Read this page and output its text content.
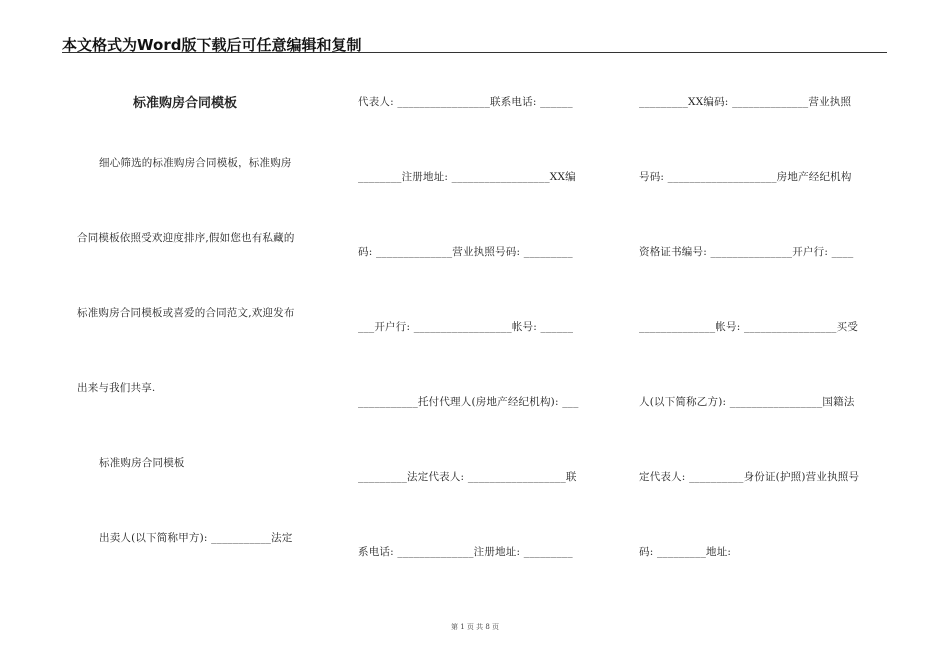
本文格式为Word版下载后可任意编辑和复制
标准购房合同模板
细心筛选的标准购房合同模板，标准购房
合同模板依照受欢迎度排序,假如您也有私藏的
标准购房合同模板或喜爱的合同范文,欢迎发布
出来与我们共享.
标准购房合同模板
出卖人(以下简称甲方): ___________法定
代表人: _________________联系电话: ______
________注册地址: __________________XX编
码: ______________营业执照号码: _________
___开户行: __________________帐号: ______
___________托付代理人(房地产经纪机构): ___
_________法定代表人: __________________联
系电话: ______________注册地址: _________
_________XX编码: ______________营业执照
号码: ____________________房地产经纪机构
资格证书编号: _______________开户行: ____
______________帐号: _________________买受
人(以下简称乙方): _________________国籍法
定代表人: __________身份证(护照)营业执照号
码: _________地址:
第 1 页 共 8 页
